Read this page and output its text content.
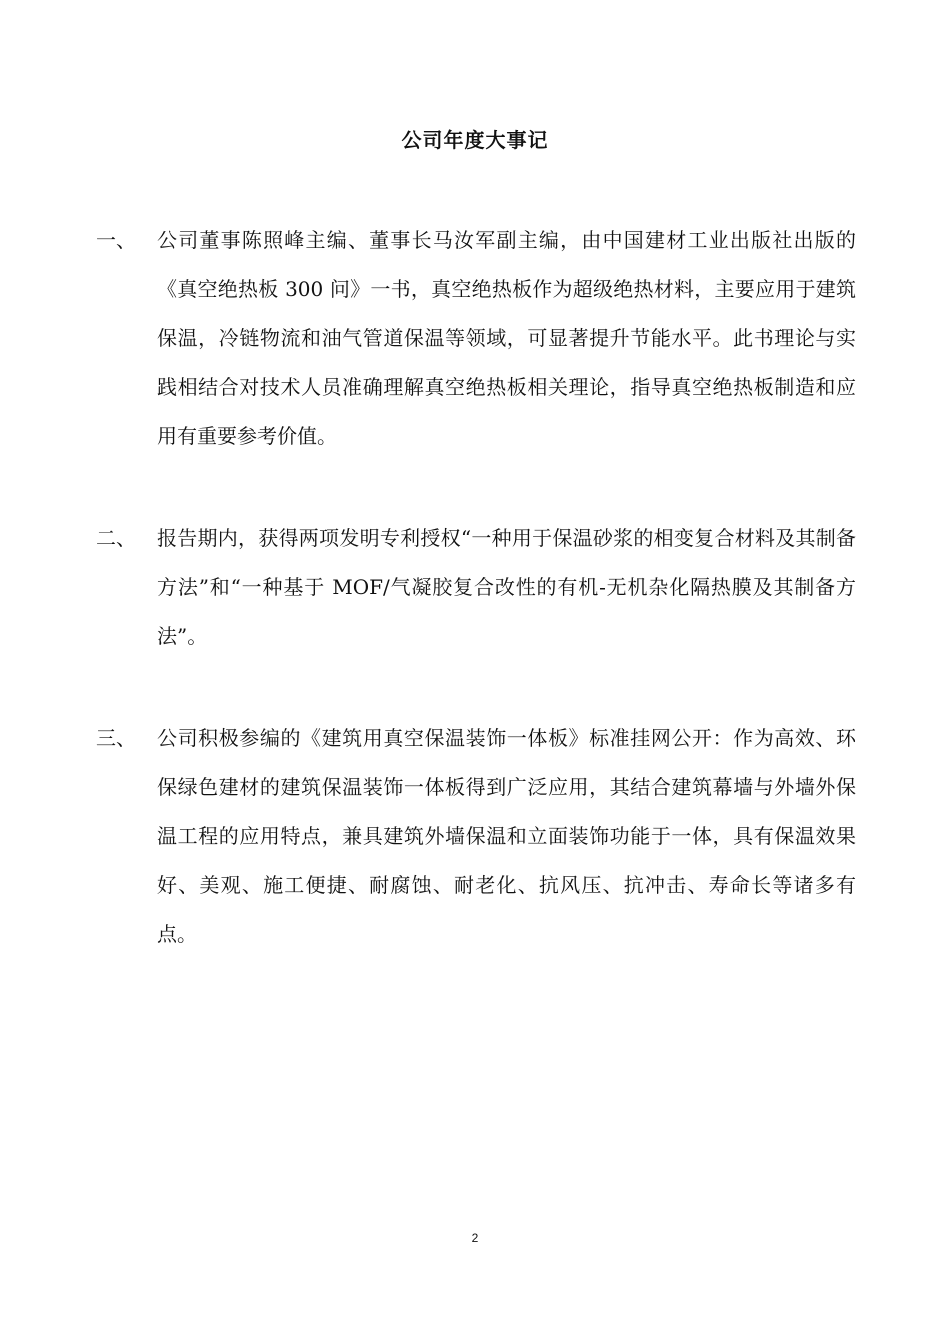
公司年度大事记
一、	公司董事陈照峰主编、董事长马汝军副主编，由中国建材工业出版社出版的《真空绝热板 300 问》一书，真空绝热板作为超级绝热材料，主要应用于建筑保温，冷链物流和油气管道保温等领域，可显著提升节能水平。此书理论与实践相结合对技术人员准确理解真空绝热板相关理论，指导真空绝热板制造和应用有重要参考价值。
二、	报告期内，获得两项发明专利授权“一种用于保温砂浆的相变复合材料及其制备方法”和“一种基于 MOF/气凝胶复合改性的有机-无机杂化隔热膜及其制备方法”。
三、	公司积极参编的《建筑用真空保温装饰一体板》标准挂网公开：作为高效、环保绿色建材的建筑保温装饰一体板得到广泛应用，其结合建筑幕墙与外墙外保温工程的应用特点，兼具建筑外墙保温和立面装饰功能于一体，具有保温效果好、美观、施工便捷、耐腐蚀、耐老化、抗风压、抗冲击、寿命长等诸多有点。
2
